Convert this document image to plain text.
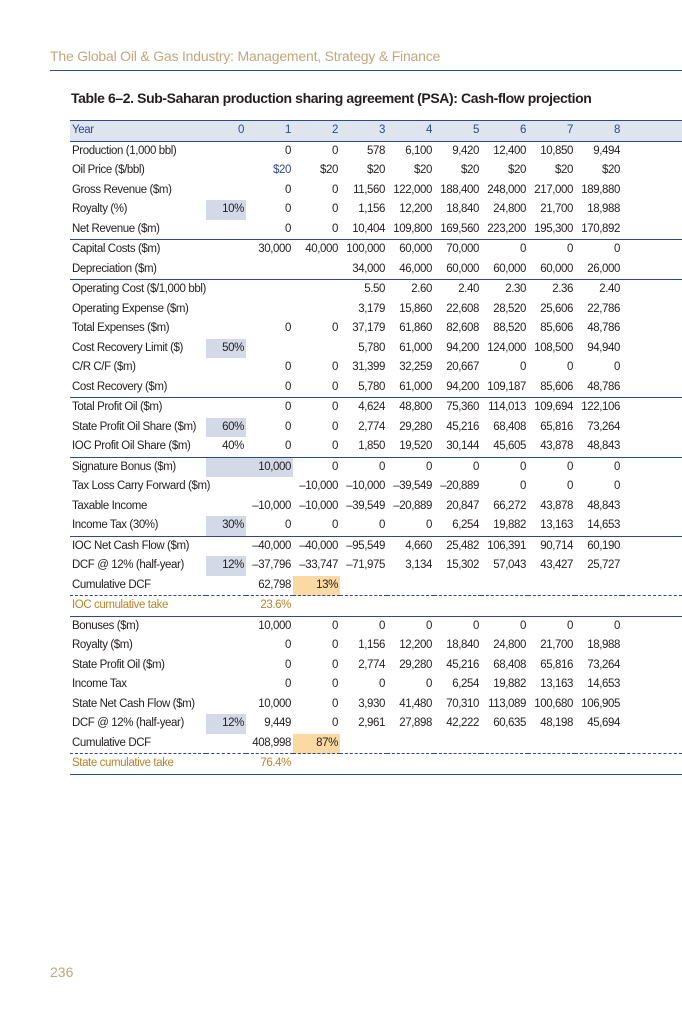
The Global Oil & Gas Industry: Management, Strategy & Finance
Table 6–2. Sub-Saharan production sharing agreement (PSA): Cash-flow projection
Year	0	1	2	3	4	5	6	7	8	
Production (1,000 bbl)		0	0	578	6,100	9,420	12,400	10,850	9,494	
Oil Price ($/bbl)		$20	$20	$20	$20	$20	$20	$20	$20	
Gross Revenue ($m)		0	0	11,560	122,000	188,400	248,000	217,000	189,880	
Royalty (%)	10%	0	0	1,156	12,200	18,840	24,800	21,700	18,988	
Net Revenue ($m)		0	0	10,404	109,800	169,560	223,200	195,300	170,892	
Capital Costs ($m)		30,000	40,000	100,000	60,000	70,000	0	0	0	
Depreciation ($m)				34,000	46,000	60,000	60,000	60,000	26,000	
Operating Cost ($/1,000 bbl)				5.50	2.60	2.40	2.30	2.36	2.40	
Operating Expense ($m)				3,179	15,860	22,608	28,520	25,606	22,786	
Total Expenses ($m)		0	0	37,179	61,860	82,608	88,520	85,606	48,786	
Cost Recovery Limit ($)	50%			5,780	61,000	94,200	124,000	108,500	94,940	
C/R C/F ($m)		0	0	31,399	32,259	20,667	0	0	0	
Cost Recovery ($m)		0	0	5,780	61,000	94,200	109,187	85,606	48,786	
Total Profit Oil ($m)		0	0	4,624	48,800	75,360	114,013	109,694	122,106	
State Profit Oil Share ($m)	60%	0	0	2,774	29,280	45,216	68,408	65,816	73,264	
IOC Profit Oil Share ($m)	40%	0	0	1,850	19,520	30,144	45,605	43,878	48,843	
Signature Bonus ($m)		10,000	0	0	0	0	0	0	0	
Tax Loss Carry Forward ($m)			–10,000	–10,000	–39,549	–20,889	0	0	0	
Taxable Income		–10,000	–10,000	–39,549	–20,889	20,847	66,272	43,878	48,843	
Income Tax (30%)	30%	0	0	0	0	6,254	19,882	13,163	14,653	
IOC Net Cash Flow ($m)		–40,000	–40,000	–95,549	4,660	25,482	106,391	90,714	60,190	
DCF @ 12% (half-year)	12%	–37,796	–33,747	–71,975	3,134	15,302	57,043	43,427	25,727	
Cumulative DCF		62,798	13%							
IOC cumulative take		23.6%								
Bonuses ($m)		10,000	0	0	0	0	0	0	0	
Royalty ($m)		0	0	1,156	12,200	18,840	24,800	21,700	18,988	
State Profit Oil ($m)		0	0	2,774	29,280	45,216	68,408	65,816	73,264	
Income Tax		0	0	0	0	6,254	19,882	13,163	14,653	
State Net Cash Flow ($m)		10,000	0	3,930	41,480	70,310	113,089	100,680	106,905	
DCF @ 12% (half-year)	12%	9,449	0	2,961	27,898	42,222	60,635	48,198	45,694	
Cumulative DCF		408,998	87%							
State cumulative take		76.4%								
236
